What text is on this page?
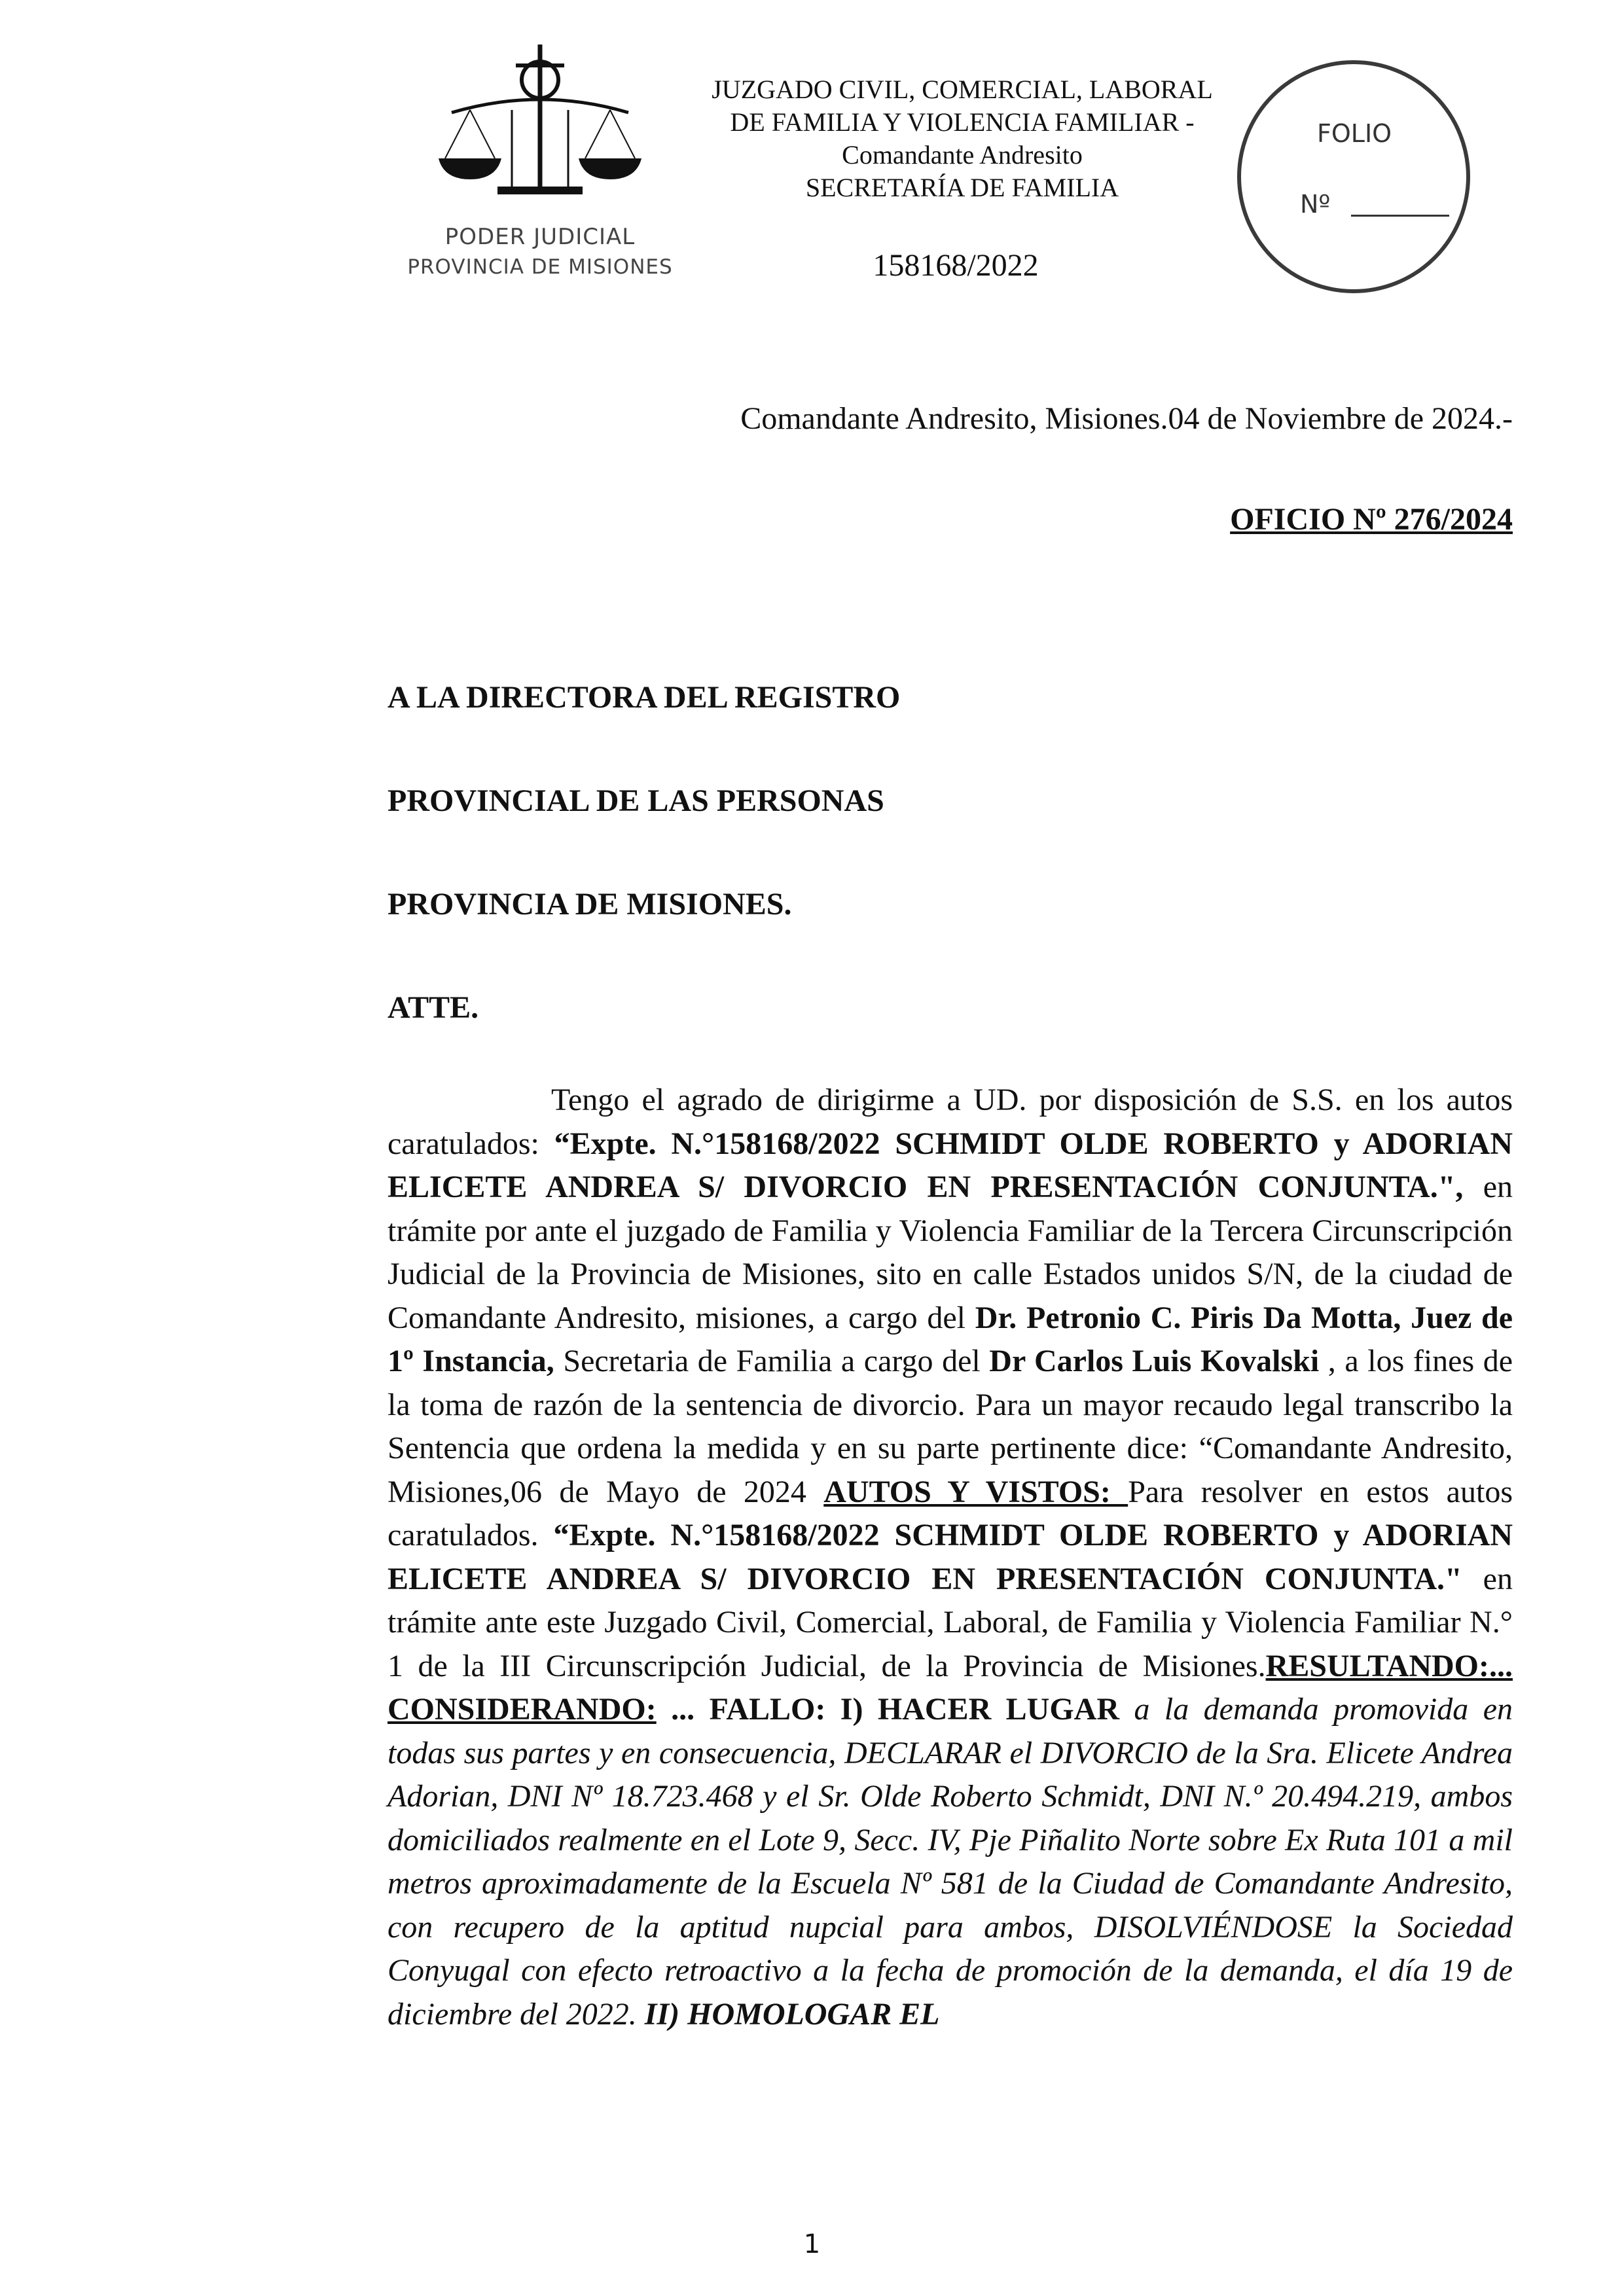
PODER JUDICIAL
PROVINCIA DE MISIONES
JUZGADO CIVIL, COMERCIAL, LABORAL
DE FAMILIA Y VIOLENCIA FAMILIAR -
Comandante Andresito
SECRETARÍA DE FAMILIA
158168/2022
FOLIO
Nº
Comandante Andresito, Misiones.04 de Noviembre de 2024.-
OFICIO Nº 276/2024
A LA DIRECTORA DEL REGISTRO
PROVINCIAL DE LAS PERSONAS
PROVINCIA DE MISIONES.
ATTE.
Tengo el agrado de dirigirme a UD. por disposición de S.S. en los autos caratulados: “Expte. N.°158168/2022 SCHMIDT OLDE ROBERTO y ADORIAN ELICETE ANDREA S/ DIVORCIO EN PRESENTACIÓN CONJUNTA.", en trámite por ante el juzgado de Familia y Violencia Familiar de la Tercera Circunscripción Judicial de la Provincia de Misiones, sito en calle Estados unidos S/N, de la ciudad de Comandante Andresito, misiones, a cargo del Dr. Petronio C. Piris Da Motta, Juez de 1º Instancia, Secretaria de Familia a cargo del Dr Carlos Luis Kovalski , a los fines de la toma de razón de la sentencia de divorcio. Para un mayor recaudo legal transcribo la Sentencia que ordena la medida y en su parte pertinente dice: “Comandante Andresito, Misiones,06 de Mayo de 2024 AUTOS Y VISTOS: Para resolver en estos autos caratulados. “Expte. N.°158168/2022 SCHMIDT OLDE ROBERTO y ADORIAN ELICETE ANDREA S/ DIVORCIO EN PRESENTACIÓN CONJUNTA." en trámite ante este Juzgado Civil, Comercial, Laboral, de Familia y Violencia Familiar N.° 1 de la III Circunscripción Judicial, de la Provincia de Misiones.RESULTANDO:... CONSIDERANDO: ... FALLO: I) HACER LUGAR a la demanda promovida en todas sus partes y en consecuencia, DECLARAR el DIVORCIO de la Sra. Elicete Andrea Adorian, DNI Nº 18.723.468 y el Sr. Olde Roberto Schmidt, DNI N.º 20.494.219, ambos domiciliados realmente en el Lote 9, Secc. IV, Pje Piñalito Norte sobre Ex Ruta 101 a mil metros aproximadamente de la Escuela Nº 581 de la Ciudad de Comandante Andresito, con recupero de la aptitud nupcial para ambos, DISOLVIÉNDOSE la Sociedad Conyugal con efecto retroactivo a la fecha de promoción de la demanda, el día 19 de diciembre del 2022. II) HOMOLOGAR EL
1
